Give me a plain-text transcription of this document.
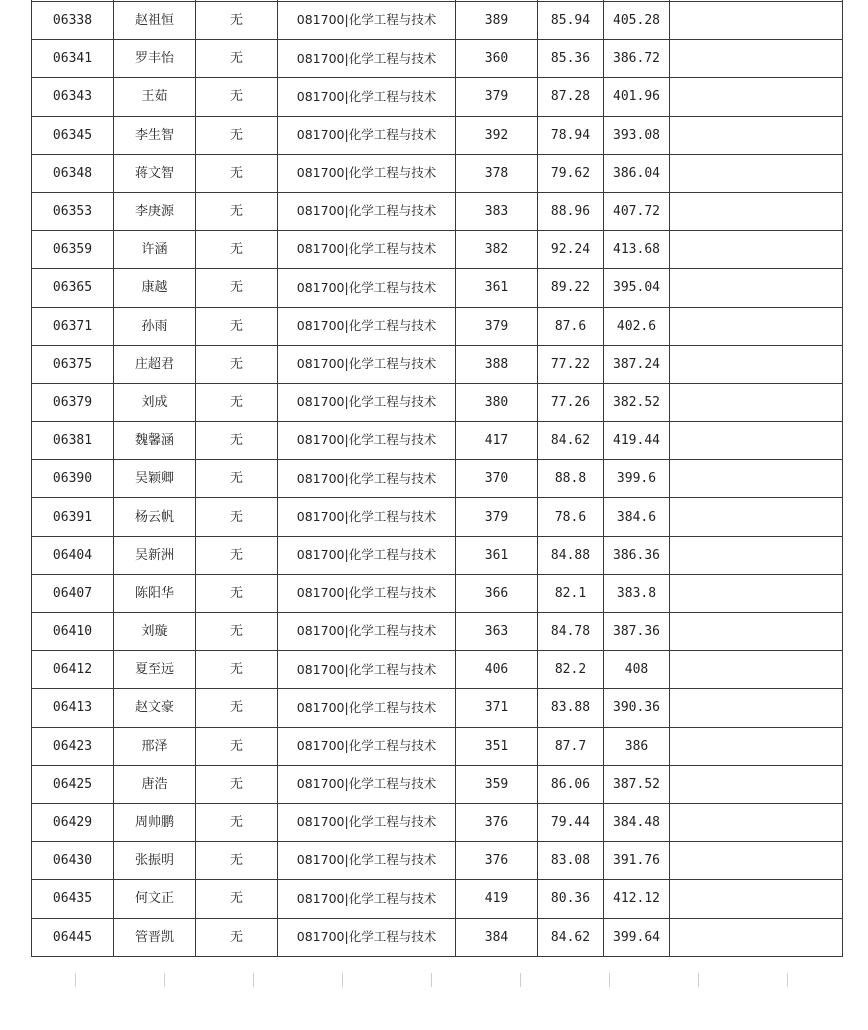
06338	赵祖恒	无	081700|化学工程与技术	389	85.94	405.28	
06341	罗丰怡	无	081700|化学工程与技术	360	85.36	386.72	
06343	王茹	无	081700|化学工程与技术	379	87.28	401.96	
06345	李生智	无	081700|化学工程与技术	392	78.94	393.08	
06348	蒋文智	无	081700|化学工程与技术	378	79.62	386.04	
06353	李庚源	无	081700|化学工程与技术	383	88.96	407.72	
06359	许涵	无	081700|化学工程与技术	382	92.24	413.68	
06365	康越	无	081700|化学工程与技术	361	89.22	395.04	
06371	孙雨	无	081700|化学工程与技术	379	87.6	402.6	
06375	庄超君	无	081700|化学工程与技术	388	77.22	387.24	
06379	刘成	无	081700|化学工程与技术	380	77.26	382.52	
06381	魏馨涵	无	081700|化学工程与技术	417	84.62	419.44	
06390	吴颖卿	无	081700|化学工程与技术	370	88.8	399.6	
06391	杨云帆	无	081700|化学工程与技术	379	78.6	384.6	
06404	吴新洲	无	081700|化学工程与技术	361	84.88	386.36	
06407	陈阳华	无	081700|化学工程与技术	366	82.1	383.8	
06410	刘璇	无	081700|化学工程与技术	363	84.78	387.36	
06412	夏至远	无	081700|化学工程与技术	406	82.2	408	
06413	赵文豪	无	081700|化学工程与技术	371	83.88	390.36	
06423	邢泽	无	081700|化学工程与技术	351	87.7	386	
06425	唐浩	无	081700|化学工程与技术	359	86.06	387.52	
06429	周帅鹏	无	081700|化学工程与技术	376	79.44	384.48	
06430	张振明	无	081700|化学工程与技术	376	83.08	391.76	
06435	何文正	无	081700|化学工程与技术	419	80.36	412.12	
06445	管晋凯	无	081700|化学工程与技术	384	84.62	399.64	
